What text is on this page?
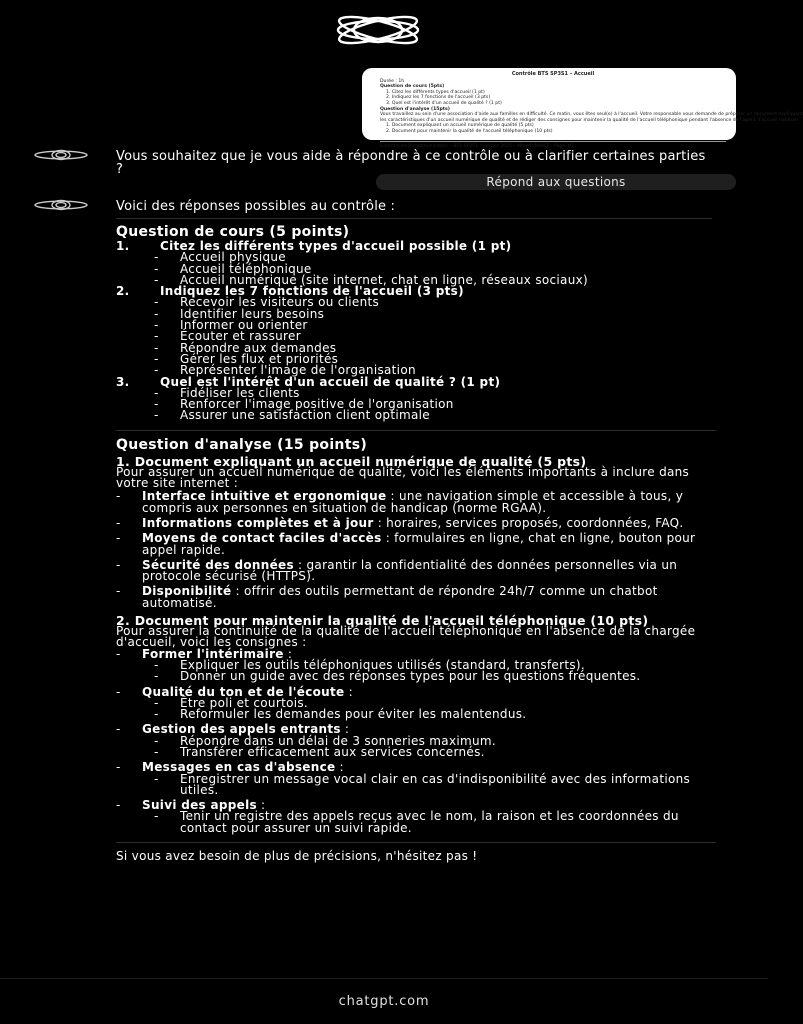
Contrôle BTS SP3S1 – Accueil

Durée : 1h

Question de cours (5pts)

1. Citez les différents types d'accueil (1 pt)

2. Indiquez les 7 fonctions de l'accueil (3 pts)

3. Quel est l'intérêt d'un accueil de qualité ? (1 pt)

Question d'analyse (15pts)

Vous travaillez au sein d'une association d'aide aux familles en difficulté. Ce matin, vous êtes seul(e) à l'accueil. Votre responsable vous demande de préparer un document expliquant

les caractéristiques d'un accueil numérique de qualité et de rédiger des consignes pour maintenir la qualité de l'accueil téléphonique pendant l'absence de l'agent d'accueil habituel.

1. Document expliquant un accueil numérique de qualité (5 pts)

2. Document pour maintenir la qualité de l'accueil téléphonique (10 pts)

Contrôle en 2 communication – BTS SP3S1 – janvier 2025 – Mme RIBAULT – Page 1/1

Vous souhaitez que je vous aide à répondre à ce contrôle ou à clarifier certaines parties ?
Répond aux questions
Voici des réponses possibles au contrôle :
Question de cours (5 points)
1.	Citez les différents types d'accueil possible (1 pt)
-	Accueil physique
-	Accueil téléphonique
-	Accueil numérique (site internet, chat en ligne, réseaux sociaux)
2.	Indiquez les 7 fonctions de l'accueil (3 pts)
-	Recevoir les visiteurs ou clients
-	Identifier leurs besoins
-	Informer ou orienter
-	Écouter et rassurer
-	Répondre aux demandes
-	Gérer les flux et priorités
-	Représenter l'image de l'organisation
3.	Quel est l'intérêt d'un accueil de qualité ? (1 pt)
-	Fidéliser les clients
-	Renforcer l'image positive de l'organisation
-	Assurer une satisfaction client optimale
Question d'analyse (15 points)
1. Document expliquant un accueil numérique de qualité (5 pts)

Pour assurer un accueil numérique de qualité, voici les éléments importants à inclure dans votre site internet :

-	Interface intuitive et ergonomique : une navigation simple et accessible à tous, y compris aux personnes en situation de handicap (norme RGAA).
-	Informations complètes et à jour : horaires, services proposés, coordonnées, FAQ.
-	Moyens de contact faciles d'accès : formulaires en ligne, chat en ligne, bouton pour appel rapide.
-	Sécurité des données : garantir la confidentialité des données personnelles via un protocole sécurisé (HTTPS).
-	Disponibilité : offrir des outils permettant de répondre 24h/7 comme un chatbot automatisé.
2. Document pour maintenir la qualité de l'accueil téléphonique (10 pts)

Pour assurer la continuité de la qualité de l'accueil téléphonique en l'absence de la chargée d'accueil, voici les consignes :

-	Former l'intérimaire :
-	Expliquer les outils téléphoniques utilisés (standard, transferts).
-	Donner un guide avec des réponses types pour les questions fréquentes.
-	Qualité du ton et de l'écoute :
-	Être poli et courtois.
-	Reformuler les demandes pour éviter les malentendus.
-	Gestion des appels entrants :
-	Répondre dans un délai de 3 sonneries maximum.
-	Transférer efficacement aux services concernés.
-	Messages en cas d'absence :
-	Enregistrer un message vocal clair en cas d'indisponibilité avec des informations utiles.
-	Suivi des appels :
-	Tenir un registre des appels reçus avec le nom, la raison et les coordonnées du contact pour assurer un suivi rapide.

Si vous avez besoin de plus de précisions, n'hésitez pas !

chatgpt.com
